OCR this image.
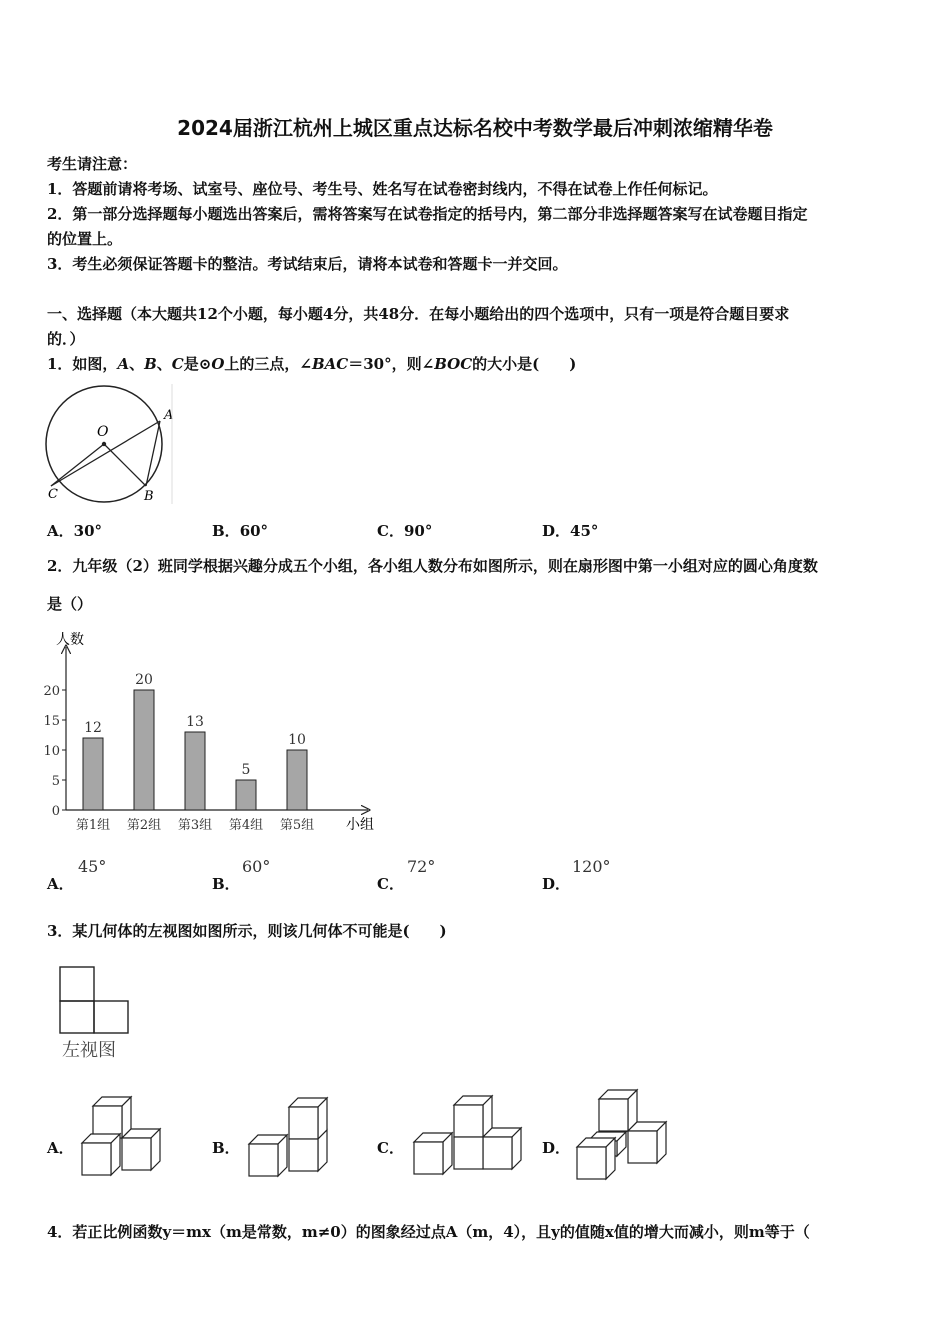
2024届浙江杭州上城区重点达标名校中考数学最后冲刺浓缩精华卷
考生请注意：
1．答题前请将考场、试室号、座位号、考生号、姓名写在试卷密封线内，不得在试卷上作任何标记。
2．第一部分选择题每小题选出答案后，需将答案写在试卷指定的括号内，第二部分非选择题答案写在试卷题目指定
的位置上。
3．考生必须保证答题卡的整洁。考试结束后，请将本试卷和答题卡一并交回。
一、选择题（本大题共12个小题，每小题4分，共48分．在每小题给出的四个选项中，只有一项是符合题目要求
的．）
1．如图，A、B、C是⊙O上的三点，∠BAC＝30°，则∠BOC的大小是(　　)
O
A
B
C
A．30°	B．60°	C．90°	D．45°
2．九年级（2）班同学根据兴趣分成五个小组，各小组人数分布如图所示，则在扇形图中第一小组对应的圆心角度数
是（）
人数
小组
0
5
10
15
20
12
第1组
20
第2组
13
第3组
5
第4组
10
第5组
A．
45°
B．
60°
C．
72°
D．
120°
3．某几何体的左视图如图所示，则该几何体不可能是(　　)
左视图
A．	B．	C．	D．
4．若正比例函数y＝mx（m是常数，m≠0）的图象经过点A（m，4），且y的值随x值的增大而减小，则m等于（
